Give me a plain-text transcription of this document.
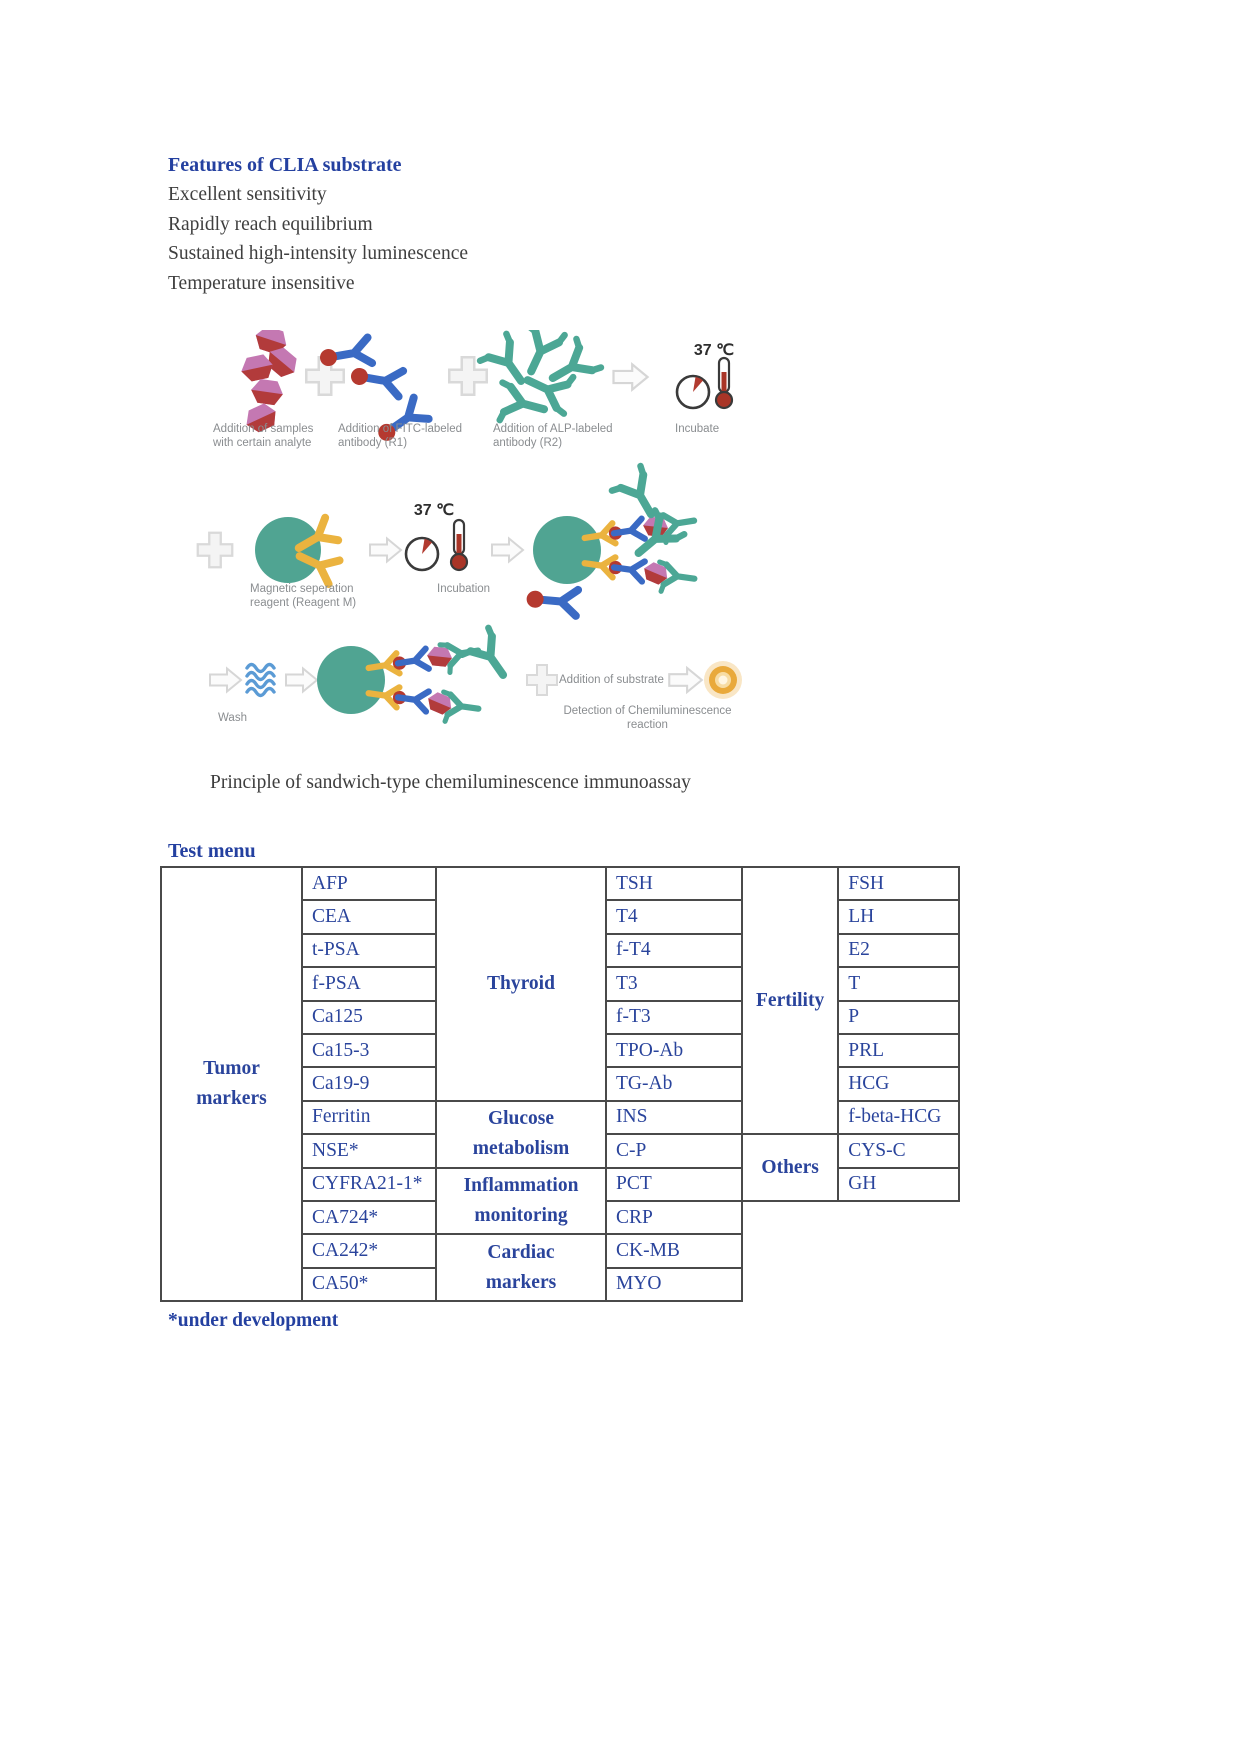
Features of CLIA substrate
Excellent sensitivity
Rapidly reach equilibrium
Sustained high-intensity luminescence
Temperature insensitive
37 ℃
Addition of samples with certain analyte
Addition of FITC-labeled antibody (R1)
Addition of ALP-labeled antibody (R2)
Incubate
37 ℃
Magnetic seperation reagent (Reagent M)
Incubation
Wash
Addition of substrate
Detection of Chemiluminescence reaction
Principle of sandwich-type chemiluminescence immunoassay
Test menu
Tumor markers	AFP	Thyroid	TSH	Fertility	FSH
	CEA		T4		LH
	t-PSA		f-T4		E2
	f-PSA		T3		T
	Ca125		f-T3		P
	Ca15-3		TPO-Ab		PRL
	Ca19-9		TG-Ab		HCG
	Ferritin	Glucose metabolism	INS		f-beta-HCG
	NSE*		C-P	Others	CYS-C
	CYFRA21-1*	Inflammation monitoring	PCT		GH
	CA724*		CRP		
	CA242*	Cardiac markers	CK-MB		
	CA50*		MYO		
*under development
